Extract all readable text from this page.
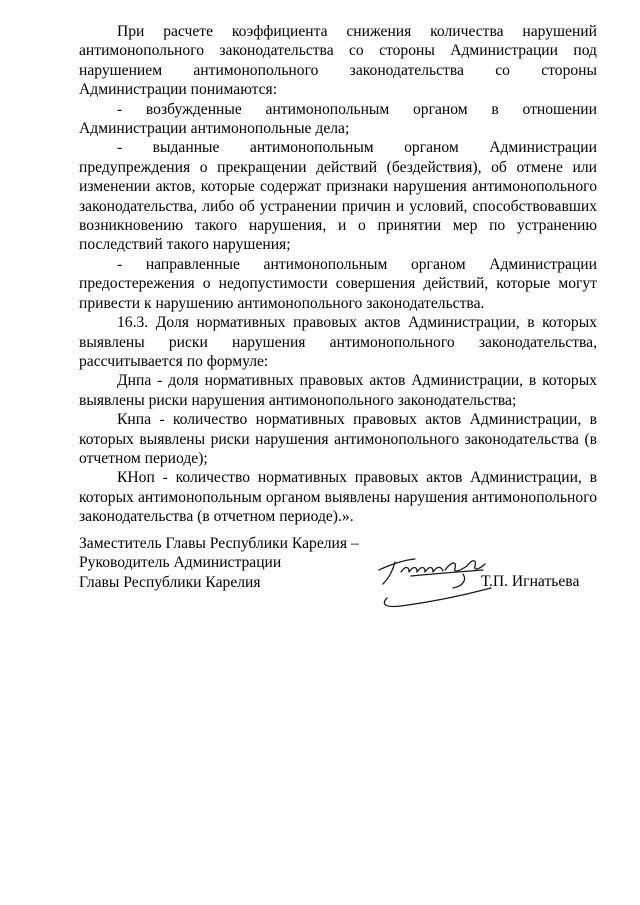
При расчете коэффициента снижения количества нарушений антимонопольного законодательства со стороны Администрации под нарушением антимонопольного законодательства со стороны Администрации понимаются:

- возбужденные антимонопольным органом в отношении Администрации антимонопольные дела;

- выданные антимонопольным органом Администрации предупреждения о прекращении действий (бездействия), об отмене или изменении актов, которые содержат признаки нарушения антимонопольного законодательства, либо об устранении причин и условий, способствовавших возникновению такого нарушения, и о принятии мер по устранению последствий такого нарушения;

- направленные антимонопольным органом Администрации предостережения о недопустимости совершения действий, которые могут привести к нарушению антимонопольного законодательства.

16.3. Доля нормативных правовых актов Администрации, в которых выявлены риски нарушения антимонопольного законодательства, рассчитывается по формуле:

Днпа - доля нормативных правовых актов Администрации, в которых выявлены риски нарушения антимонопольного законодательства;

Кнпа - количество нормативных правовых актов Администрации, в которых выявлены риски нарушения антимонопольного законодательства (в отчетном периоде);

КНоп - количество нормативных правовых актов Администрации, в которых антимонопольным органом выявлены нарушения антимонопольного законодательства (в отчетном периоде).».

Заместитель Главы Республики Карелия –
Руководитель Администрации
Главы Республики Карелия	Т.П. Игнатьева
